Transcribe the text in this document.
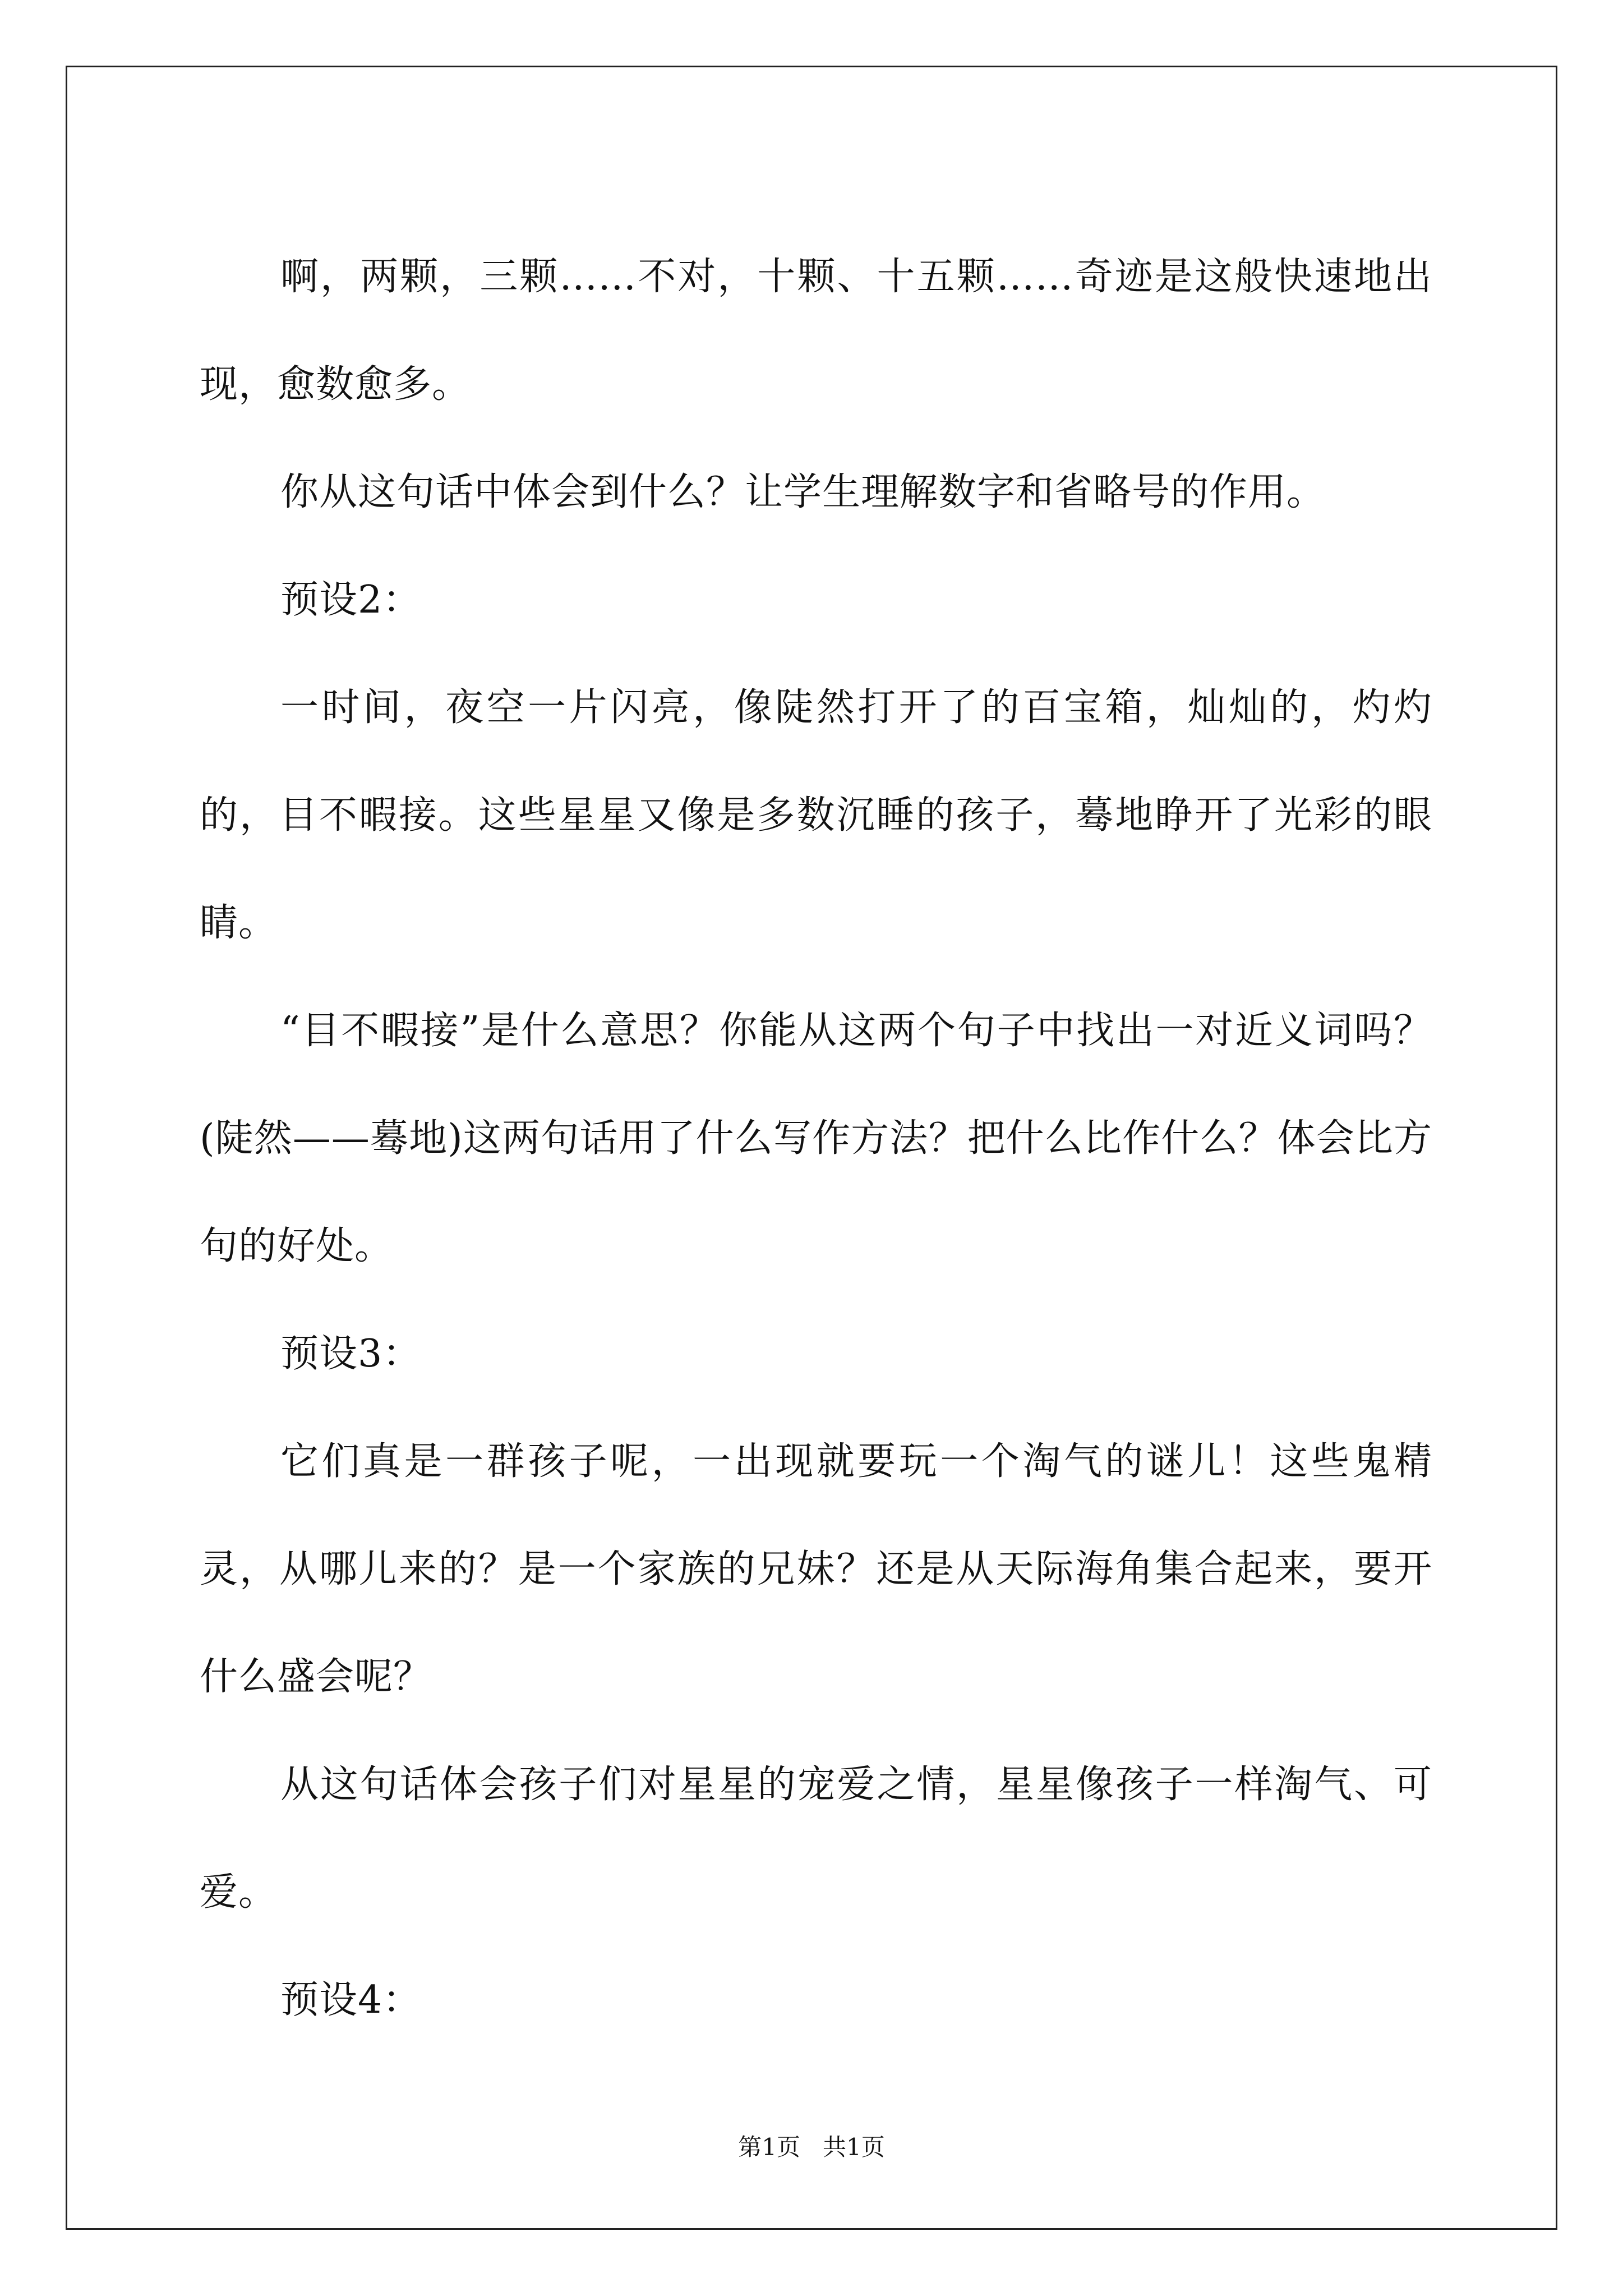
啊，两颗，三颗……不对，十颗、十五颗……奇迹是这般快速地出现，愈数愈多。

你从这句话中体会到什么？让学生理解数字和省略号的作用。

预设2：

一时间，夜空一片闪亮，像陡然打开了的百宝箱，灿灿的，灼灼的，目不暇接。这些星星又像是多数沉睡的孩子，蓦地睁开了光彩的眼睛。

“目不暇接”是什么意思？你能从这两个句子中找出一对近义词吗？(陡然——蓦地)这两句话用了什么写作方法？把什么比作什么？体会比方句的好处。

预设3：

它们真是一群孩子呢，一出现就要玩一个淘气的谜儿！这些鬼精灵，从哪儿来的？是一个家族的兄妹？还是从天际海角集合起来，要开什么盛会呢？

从这句话体会孩子们对星星的宠爱之情，星星像孩子一样淘气、可爱。

预设4：

第1页 共1页
